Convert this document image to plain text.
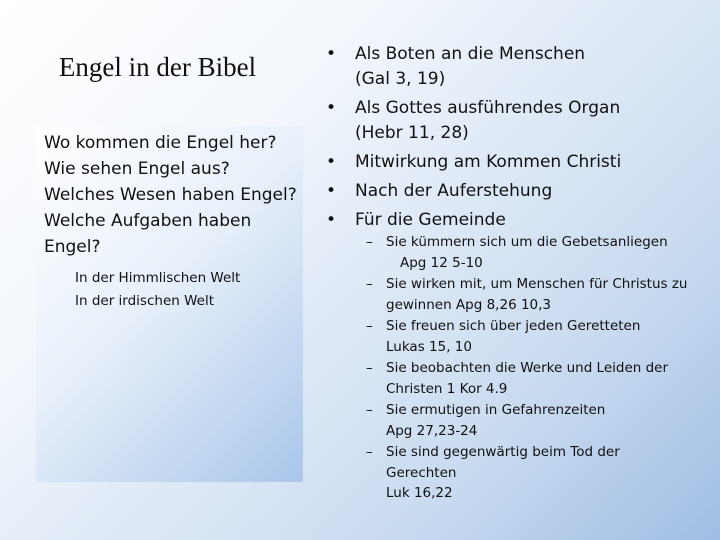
Engel in der Bibel
Wo kommen die Engel her?
Wie sehen Engel aus?
Welches Wesen haben Engel?
Welche Aufgaben haben
Engel?
In der Himmlischen Welt
In der irdischen Welt
• Als Boten an die Menschen
(Gal 3, 19)
• Als Gottes ausführendes Organ
(Hebr 11, 28)
• Mitwirkung am Kommen Christi
• Nach der Auferstehung
• Für die Gemeinde
– Sie kümmern sich um die Gebetsanliegen
Apg 12 5-10
– Sie wirken mit, um Menschen für Christus zu
gewinnen Apg 8,26 10,3
– Sie freuen sich über jeden Geretteten
Lukas 15, 10
– Sie beobachten die Werke und Leiden der
Christen 1 Kor 4.9
– Sie ermutigen in Gefahrenzeiten
Apg 27,23-24
– Sie sind gegenwärtig beim Tod der
Gerechten
Luk 16,22
